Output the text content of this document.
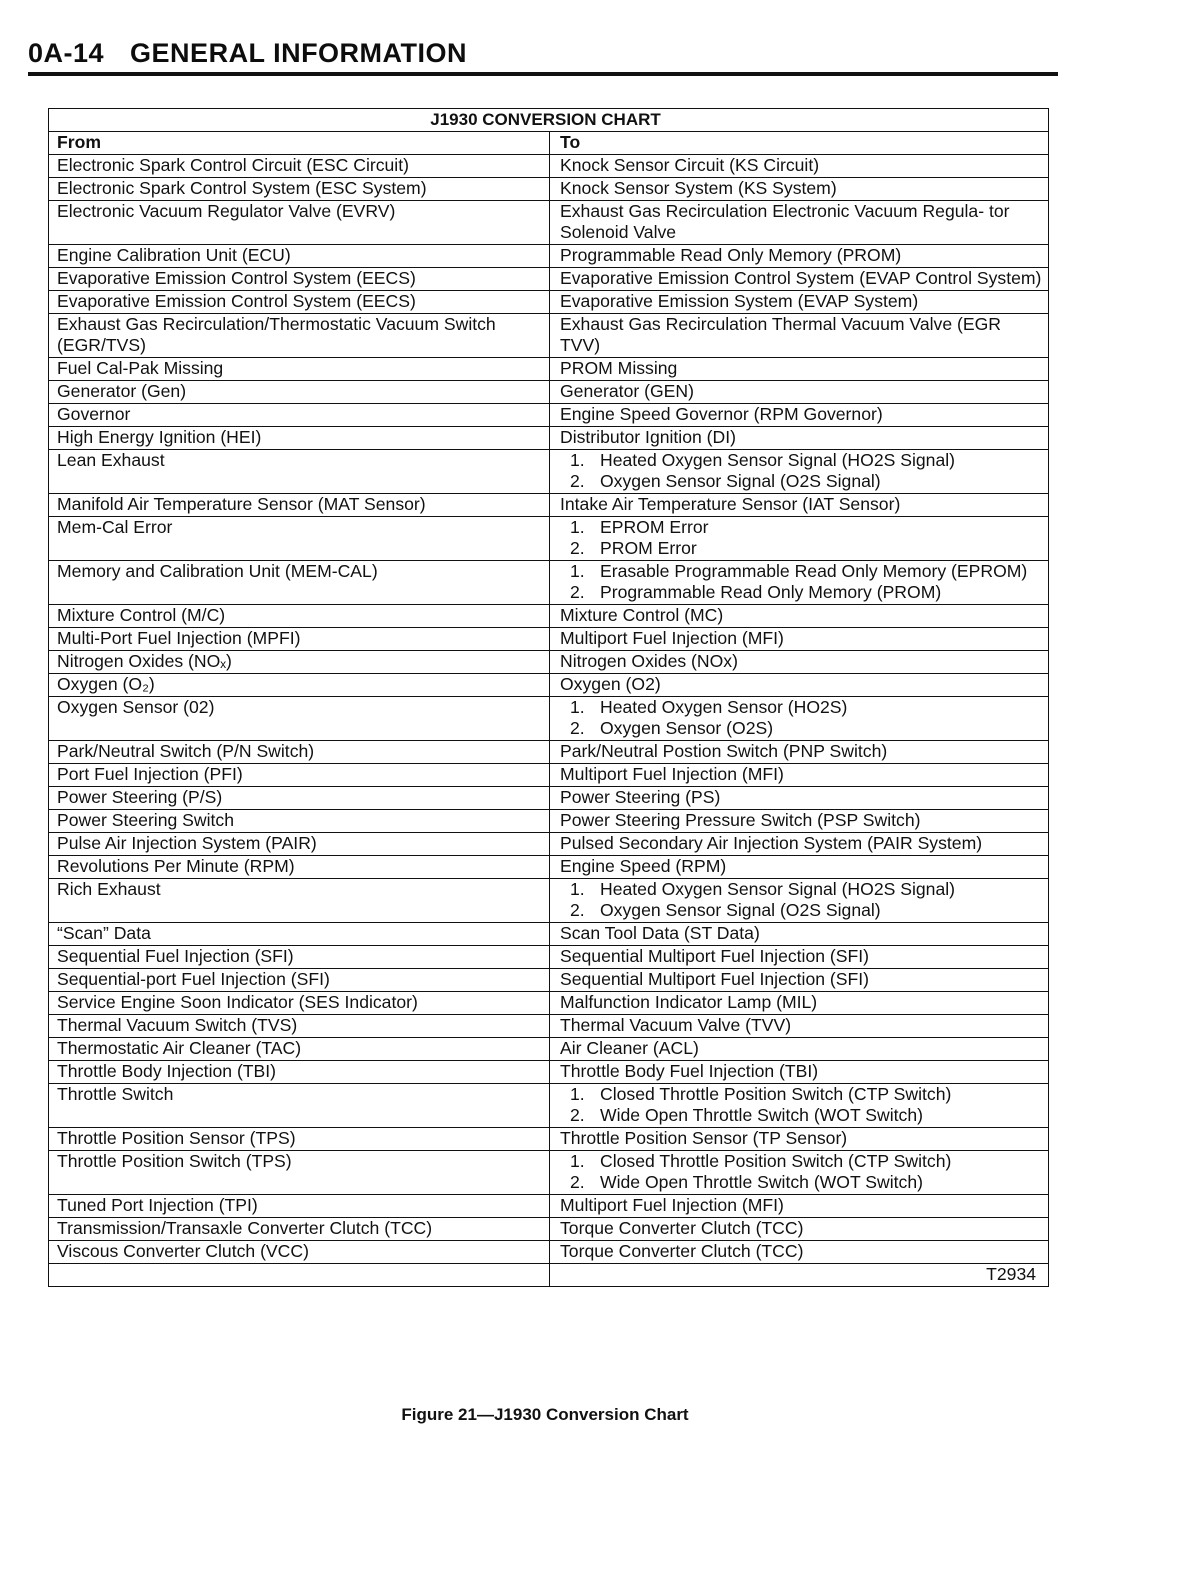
0A-14 GENERAL INFORMATION
J1930 CONVERSION CHART	
From	To
Electronic Spark Control Circuit (ESC Circuit)	Knock Sensor Circuit (KS Circuit)

Electronic Spark Control System (ESC System)	Knock Sensor System (KS System)

Electronic Vacuum Regulator Valve (EVRV)	Exhaust Gas Recirculation Electronic Vacuum Regula- tor Solenoid Valve

Engine Calibration Unit (ECU)	Programmable Read Only Memory (PROM)

Evaporative Emission Control System (EECS)	Evaporative Emission Control System (EVAP Control System)

Evaporative Emission Control System (EECS)	Evaporative Emission System (EVAP System)

Exhaust Gas Recirculation/Thermostatic Vacuum Switch (EGR/TVS)	Exhaust Gas Recirculation Thermal Vacuum Valve (EGR TVV)

Fuel Cal-Pak Missing	PROM Missing

Generator (Gen)	Generator (GEN)

Governor	Engine Speed Governor (RPM Governor)

High Energy Ignition (HEI)	Distributor Ignition (DI)

Lean Exhaust	1. Heated Oxygen Sensor Signal (HO2S Signal)
2. Oxygen Sensor Signal (O2S Signal)

Manifold Air Temperature Sensor (MAT Sensor)	Intake Air Temperature Sensor (IAT Sensor)

Mem-Cal Error	1. EPROM Error
2. PROM Error

Memory and Calibration Unit (MEM-CAL)	1. Erasable Programmable Read Only Memory (EPROM)
2. Programmable Read Only Memory (PROM)

Mixture Control (M/C)	Mixture Control (MC)

Multi-Port Fuel Injection (MPFI)	Multiport Fuel Injection (MFI)

Nitrogen Oxides (NOₓ)	Nitrogen Oxides (NOx)

Oxygen (O₂)	Oxygen (O2)

Oxygen Sensor (02)	1. Heated Oxygen Sensor (HO2S)
2. Oxygen Sensor (O2S)

Park/Neutral Switch (P/N Switch)	Park/Neutral Postion Switch (PNP Switch)

Port Fuel Injection (PFI)	Multiport Fuel Injection (MFI)

Power Steering (P/S)	Power Steering (PS)

Power Steering Switch	Power Steering Pressure Switch (PSP Switch)

Pulse Air Injection System (PAIR)	Pulsed Secondary Air Injection System (PAIR System)

Revolutions Per Minute (RPM)	Engine Speed (RPM)

Rich Exhaust	1. Heated Oxygen Sensor Signal (HO2S Signal)
2. Oxygen Sensor Signal (O2S Signal)

“Scan” Data	Scan Tool Data (ST Data)

Sequential Fuel Injection (SFI)	Sequential Multiport Fuel Injection (SFI)

Sequential-port Fuel Injection (SFI)	Sequential Multiport Fuel Injection (SFI)

Service Engine Soon Indicator (SES Indicator)	Malfunction Indicator Lamp (MIL)

Thermal Vacuum Switch (TVS)	Thermal Vacuum Valve (TVV)

Thermostatic Air Cleaner (TAC)	Air Cleaner (ACL)

Throttle Body Injection (TBI)	Throttle Body Fuel Injection (TBI)

Throttle Switch	1. Closed Throttle Position Switch (CTP Switch)
2. Wide Open Throttle Switch (WOT Switch)

Throttle Position Sensor (TPS)	Throttle Position Sensor (TP Sensor)

Throttle Position Switch (TPS)	1. Closed Throttle Position Switch (CTP Switch)
2. Wide Open Throttle Switch (WOT Switch)

Tuned Port Injection (TPI)	Multiport Fuel Injection (MFI)

Transmission/Transaxle Converter Clutch (TCC)	Torque Converter Clutch (TCC)

Viscous Converter Clutch (VCC)	Torque Converter Clutch (TCC)

	T2934
Figure 21—J1930 Conversion Chart
